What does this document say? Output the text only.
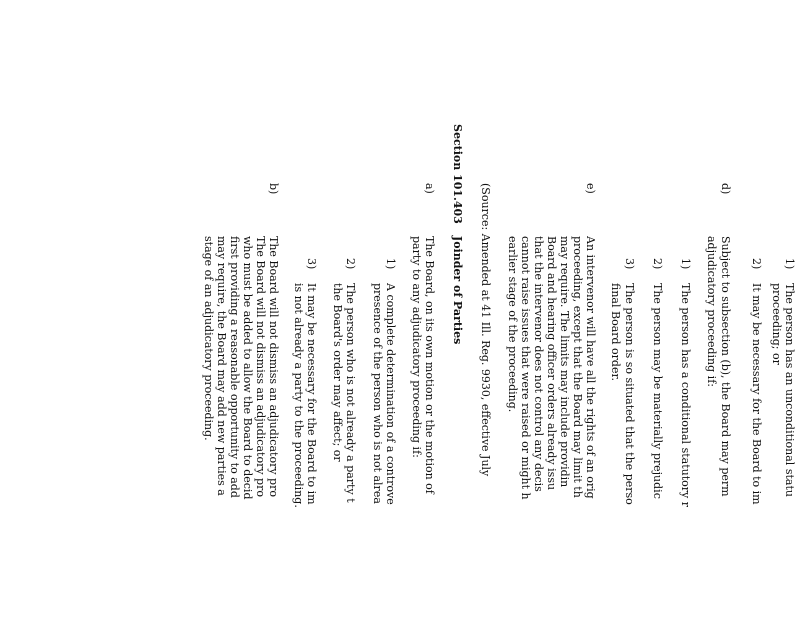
1)
The person has an unconditional statu
proceeding; or
2)
It may be necessary for the Board to im
d)
Subject to subsection (b), the Board may perm
adjudicatory proceeding if:
1)
The person has a conditional statutory r
2)
The person may be materially prejudic
3)
The person is so situated that the perso
final Board order.
e)
An intervenor will have all the rights of an orig
proceeding, except that the Board may limit th
may require. The limits may include providin
Board and hearing officer orders already issu
that the intervenor does not control any decis
cannot raise issues that were raised or might h
earlier stage of the proceeding.
(Source: Amended at 41 Ill. Reg. 9930, effective July
Section 101.403
Joinder of Parties
a)
The Board, on its own motion or the motion of
party to any adjudicatory proceeding if:
1)
A complete determination of a controve
presence of the person who is not alrea
2)
The person who is not already a party t
the Board's order may affect; or
3)
It may be necessary for the Board to im
is not already a party to the proceeding.
b)
The Board will not dismiss an adjudicatory pro
The Board will not dismiss an adjudicatory pro
who must be added to allow the Board to decid
first providing a reasonable opportunity to add
may require, the Board may add new parties a
stage of an adjudicatory proceeding.
